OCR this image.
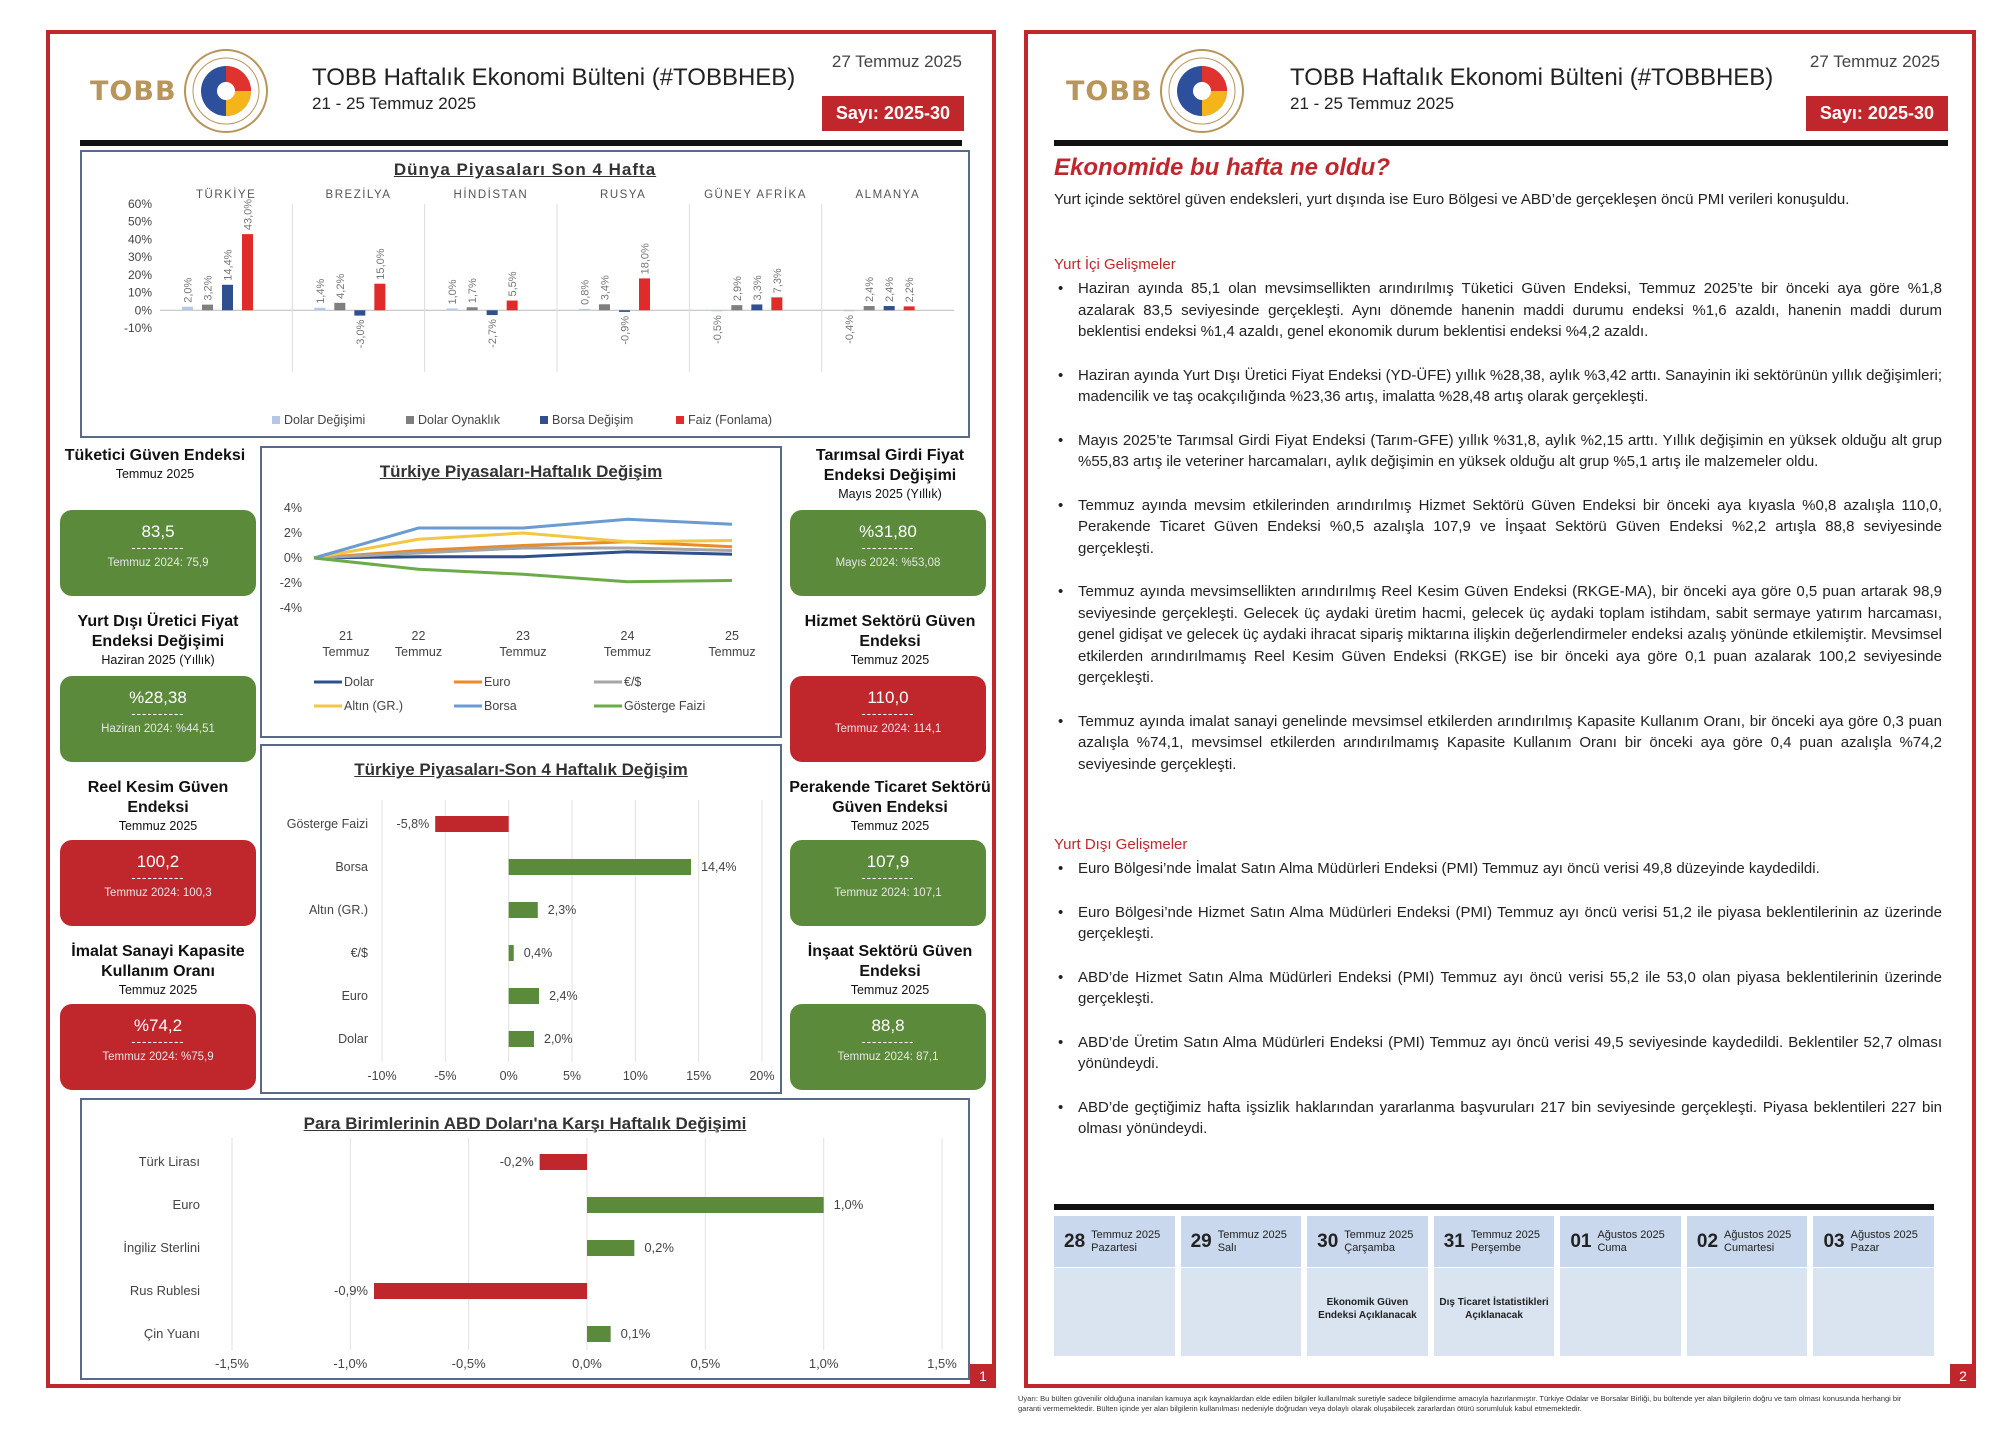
TOBB	TOBB Haftalık Ekonomi Bülteni (#TOBBHEB)
21 - 25 Temmuz 2025
27 Temmuz 2025
Sayı: 2025-30
Dünya Piyasaları Son 4 Hafta
60%
50%
40%
30%
20%
10%
0%
-10%
TÜRKİYE
2,0% 3,2%
14,4%
43,0%
BREZİLYA
1,4% 4,2%
-3,0%
15,0%
HİNDİSTAN
1,0% 1,7%
-2,7%
5,5%
RUSYA
0,8% 3,4%
-0,9%
18,0%
GÜNEY AFRİKA
-0,5%
2,9% 3,3% 7,3%
ALMANYA
-0,4%
2,4% 2,4% 2,2%
Dolar Değişimi	Dolar Oynaklık	Borsa Değişim	Faiz (Fonlama)
Türkiye Piyasaları-Haftalık Değişim
4%
2%
0%
-2%
-4%
21
Temmuz
22
Temmuz
23
Temmuz
24
Temmuz
25
Temmuz
Dolar	Euro	€/$
Altın (GR.)	Borsa	Gösterge Faizi
Türkiye Piyasaları-Son 4 Haftalık Değişim
-10%	-5%	0%	5%	10%	15%	20%
Gösterge Faizi -5,8%
Borsa	14,4%
Altın (GR.)	2,3%
€/$	0,4%
Euro	2,4%
Dolar	2,0%
Para Birimlerinin ABD Doları'na Karşı Haftalık Değişimi
-1,5%	-1,0%	-0,5%	0,0%	0,5%	1,0%	1,5%
Türk Lirası	-0,2%
Euro	1,0%
İngiliz Sterlini	0,2%
Rus Rublesi	-0,9%
Çin Yuanı	0,1%
Tüketici Güven Endeksi
Temmuz 2025
83,5
----------
Temmuz 2024: 75,9
Yurt Dışı Üretici Fiyat Endeksi Değişimi
Haziran 2025 (Yıllık)
%28,38
----------
Haziran 2024: %44,51
Reel Kesim Güven Endeksi
Temmuz 2025
100,2
----------
Temmuz 2024: 100,3
İmalat Sanayi Kapasite Kullanım Oranı
Temmuz 2025
%74,2
----------
Temmuz 2024: %75,9
Tarımsal Girdi Fiyat Endeksi Değişimi
Mayıs 2025 (Yıllık)
%31,80
----------
Mayıs 2024: %53,08
Hizmet Sektörü Güven Endeksi
Temmuz 2025
110,0
----------
Temmuz 2024: 114,1
Perakende Ticaret Sektörü Güven Endeksi
Temmuz 2025
107,9
----------
Temmuz 2024: 107,1
İnşaat Sektörü Güven Endeksi
Temmuz 2025
88,8
----------
Temmuz 2024: 87,1
1
TOBB	TOBB Haftalık Ekonomi Bülteni (#TOBBHEB)
21 - 25 Temmuz 2025
27 Temmuz 2025
Sayı: 2025-30
Ekonomide bu hafta ne oldu?
Yurt içinde sektörel güven endeksleri, yurt dışında ise Euro Bölgesi ve ABD’de gerçekleşen öncü PMI verileri konuşuldu.
Yurt İçi Gelişmeler
• Haziran ayında 85,1 olan mevsimsellikten arındırılmış Tüketici Güven Endeksi, Temmuz 2025’te bir önceki aya göre %1,8 azalarak 83,5 seviyesinde gerçekleşti. Aynı dönemde hanenin maddi durumu endeksi %1,6 azaldı, hanenin maddi durum beklentisi endeksi %1,4 azaldı, genel ekonomik durum beklentisi endeksi %4,2 azaldı.
• Haziran ayında Yurt Dışı Üretici Fiyat Endeksi (YD-ÜFE) yıllık %28,38, aylık %3,42 arttı. Sanayinin iki sektörünün yıllık değişimleri; madencilik ve taş ocakçılığında %23,36 artış, imalatta %28,48 artış olarak gerçekleşti.
• Mayıs 2025’te Tarımsal Girdi Fiyat Endeksi (Tarım-GFE) yıllık %31,8, aylık %2,15 arttı. Yıllık değişimin en yüksek olduğu alt grup %55,83 artış ile veteriner harcamaları, aylık değişimin en yüksek olduğu alt grup %5,1 artış ile malzemeler oldu.
• Temmuz ayında mevsim etkilerinden arındırılmış Hizmet Sektörü Güven Endeksi bir önceki aya kıyasla %0,8 azalışla 110,0, Perakende Ticaret Güven Endeksi %0,5 azalışla 107,9 ve İnşaat Sektörü Güven Endeksi %2,2 artışla 88,8 seviyesinde gerçekleşti.
• Temmuz ayında mevsimsellikten arındırılmış Reel Kesim Güven Endeksi (RKGE-MA), bir önceki aya göre 0,5 puan artarak 98,9 seviyesinde gerçekleşti. Gelecek üç aydaki üretim hacmi, gelecek üç aydaki toplam istihdam, sabit sermaye yatırım harcaması, genel gidişat ve gelecek üç aydaki ihracat sipariş miktarına ilişkin değerlendirmeler endeksi azalış yönünde etkilemiştir. Mevsimsel etkilerden arındırılmamış Reel Kesim Güven Endeksi (RKGE) ise bir önceki aya göre 0,1 puan azalarak 100,2 seviyesinde gerçekleşti.
• Temmuz ayında imalat sanayi genelinde mevsimsel etkilerden arındırılmış Kapasite Kullanım Oranı, bir önceki aya göre 0,3 puan azalışla %74,1, mevsimsel etkilerden arındırılmamış Kapasite Kullanım Oranı bir önceki aya göre 0,4 puan azalışla %74,2 seviyesinde gerçekleşti.
Yurt Dışı Gelişmeler
• Euro Bölgesi’nde İmalat Satın Alma Müdürleri Endeksi (PMI) Temmuz ayı öncü verisi 49,8 düzeyinde kaydedildi.
• Euro Bölgesi’nde Hizmet Satın Alma Müdürleri Endeksi (PMI) Temmuz ayı öncü verisi 51,2 ile piyasa beklentilerinin az üzerinde gerçekleşti.
• ABD’de Hizmet Satın Alma Müdürleri Endeksi (PMI) Temmuz ayı öncü verisi 55,2 ile 53,0 olan piyasa beklentilerinin üzerinde gerçekleşti.
• ABD’de Üretim Satın Alma Müdürleri Endeksi (PMI) Temmuz ayı öncü verisi 49,5 seviyesinde kaydedildi. Beklentiler 52,7 olması yönündeydi.
• ABD’de geçtiğimiz hafta işsizlik haklarından yararlanma başvuruları 217 bin seviyesinde gerçekleşti. Piyasa beklentileri 227 bin olması yönündeydi.
28 Temmuz 2025
Pazartesi	29 Temmuz 2025
Salı	30 Temmuz 2025
Çarşamba
Ekonomik Güven Endeksi Açıklanacak
31 Temmuz 2025
Perşembe
Dış Ticaret İstatistikleri Açıklanacak
01 Ağustos 2025
Cuma	02 Ağustos 2025
Cumartesi	03 Ağustos 2025
Pazar
Uyarı: Bu bülten güvenilir olduğuna inanılan kamuya açık kaynaklardan elde edilen bilgiler kullanılmak suretiyle sadece bilgilendirme amacıyla hazırlanmıştır. Türkiye Odalar ve Borsalar Birliği, bu bültende yer alan bilgilerin doğru ve tam olması konusunda herhangi bir garanti vermemektedir. Bülten içinde yer alan bilgilerin kullanılması nedeniyle doğrudan veya dolaylı olarak oluşabilecek zararlardan ötürü sorumluluk kabul etmemektedir.
2
